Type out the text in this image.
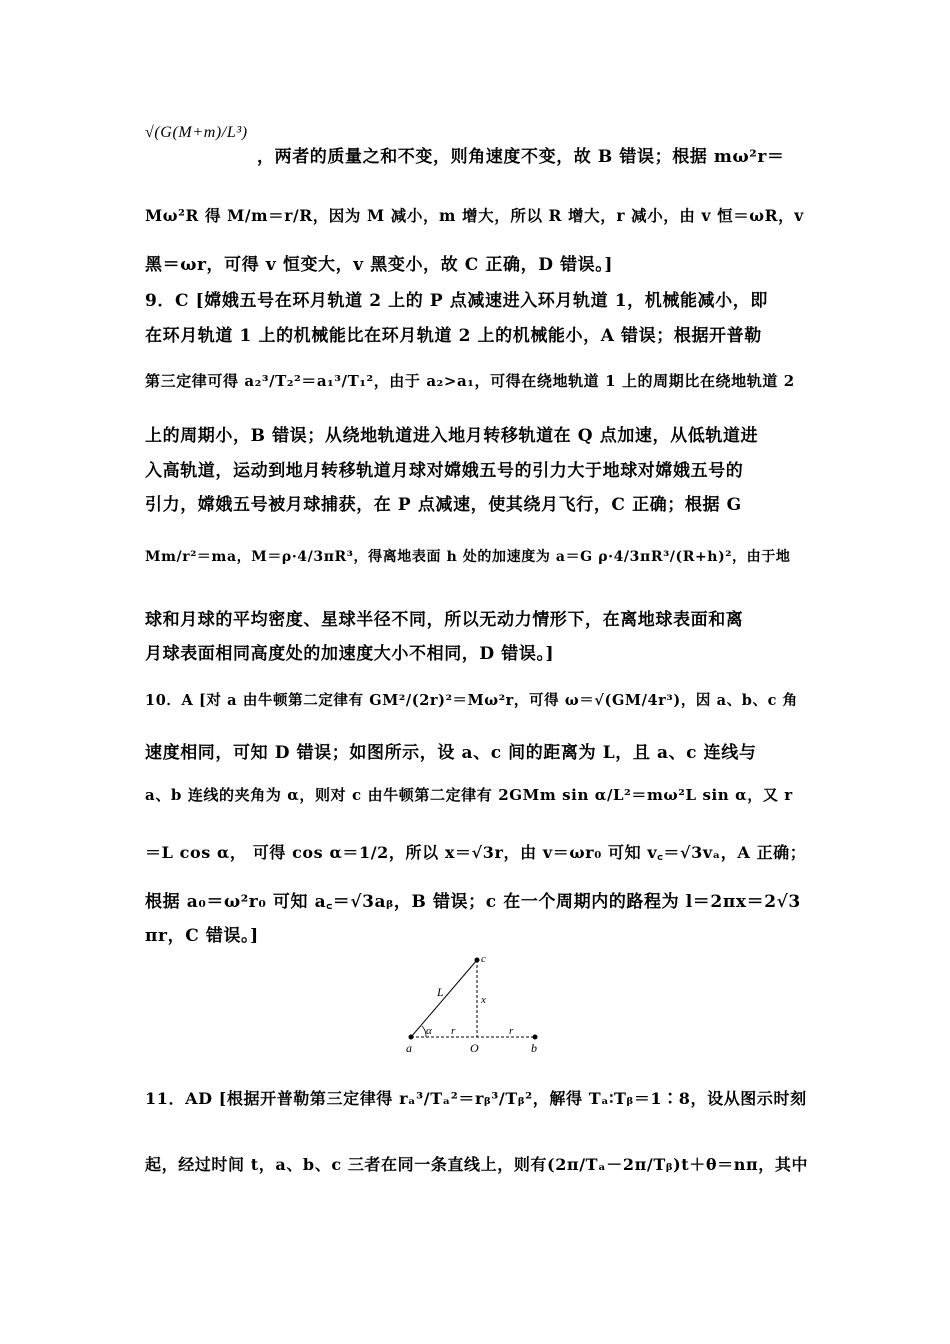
√(G(M+m)/L³)
，两者的质量之和不变，则角速度不变，故 B 错误；根据 mω²r＝
Mω²R 得 M/m＝r/R，因为 M 减小，m 增大，所以 R 增大，r 减小，由 v 恒＝ωR，v
黑＝ωr，可得 v 恒变大，v 黑变小，故 C 正确，D 错误。]
9．C [嫦娥五号在环月轨道 2 上的 P 点减速进入环月轨道 1，机械能减小，即
在环月轨道 1 上的机械能比在环月轨道 2 上的机械能小，A 错误；根据开普勒
第三定律可得 a₂³/T₂²＝a₁³/T₁²，由于 a₂>a₁，可得在绕地轨道 1 上的周期比在绕地轨道 2
上的周期小，B 错误；从绕地轨道进入地月转移轨道在 Q 点加速，从低轨道进
入高轨道，运动到地月转移轨道月球对嫦娥五号的引力大于地球对嫦娥五号的
引力，嫦娥五号被月球捕获，在 P 点减速，使其绕月飞行，C 正确；根据 G
Mm/r²＝ma，M＝ρ·4/3πR³，得离地表面 h 处的加速度为 a＝G ρ·4/3πR³/(R+h)²，由于地
球和月球的平均密度、星球半径不同，所以无动力情形下，在离地球表面和离
月球表面相同高度处的加速度大小不相同，D 错误。]
10．A [对 a 由牛顿第二定律有 GM²/(2r)²＝Mω²r，可得 ω＝√(GM/4r³)，因 a、b、c 角
速度相同，可知 D 错误；如图所示，设 a、c 间的距离为 L，且 a、c 连线与
a、b 连线的夹角为 α，则对 c 由牛顿第二定律有 2GMm sin α/L²＝mω²L sin α，又 r
＝L cos α， 可得 cos α＝1/2，所以 x＝√3r，由 v＝ωr₀ 可知 v꜀＝√3vₐ，A 正确；
根据 a₀＝ω²r₀ 可知 a꜀＝√3aᵦ，B 错误；c 在一个周期内的路程为 l＝2πx＝2√3
πr，C 错误。]
a	b
c
O
L
x
r	r
α
11．AD [根据开普勒第三定律得 rₐ³/Tₐ²＝rᵦ³/Tᵦ²，解得 Tₐ∶Tᵦ＝1∶8，设从图示时刻
起，经过时间 t，a、b、c 三者在同一条直线上，则有(2π/Tₐ－2π/Tᵦ)t＋θ＝nπ，其中
